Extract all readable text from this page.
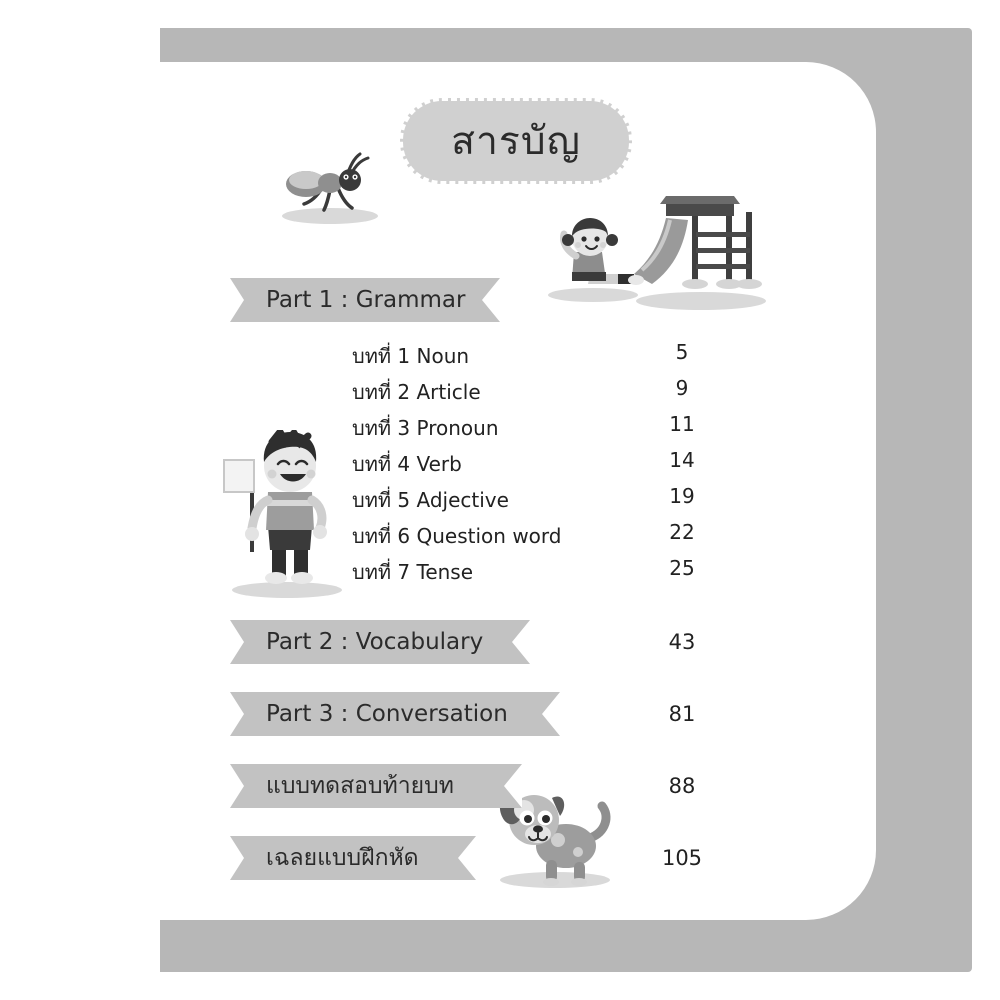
สารบัญ
Part 1 : Grammar
บทที่ 1 Noun	5
บทที่ 2 Article	9
บทที่ 3 Pronoun	11
บทที่ 4 Verb	14
บทที่ 5 Adjective	19
บทที่ 6 Question word	22
บทที่ 7 Tense	25
Part 2 : Vocabulary	43
Part 3 : Conversation	81
แบบทดสอบท้ายบท	88
เฉลยแบบฝึกหัด	105
